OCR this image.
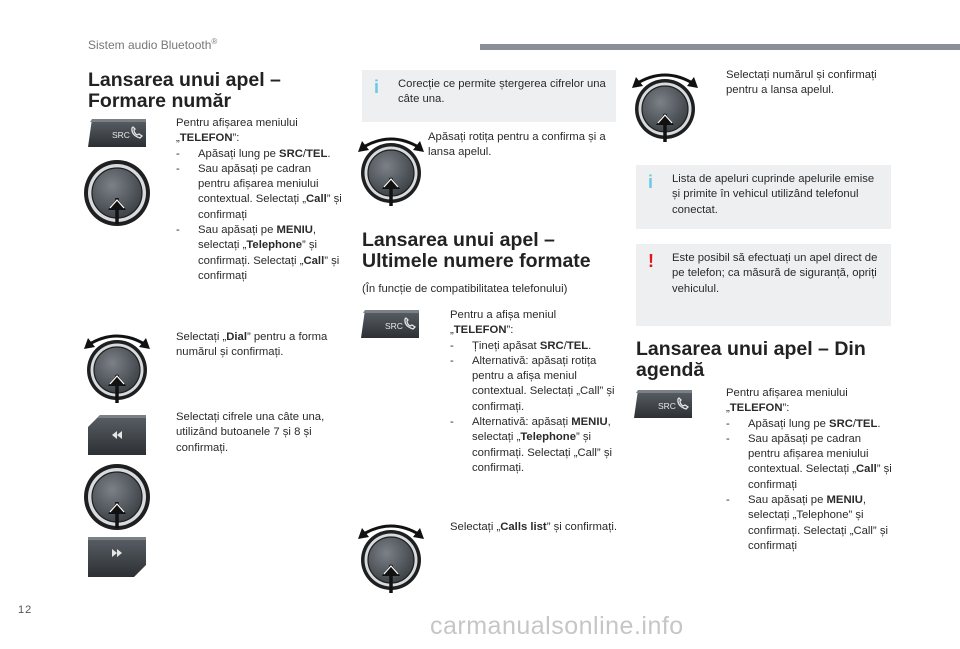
Sistem audio Bluetooth®
Lansarea unui apel –
Formare număr
SRC

Pentru afișarea meniului
„TELEFON”:

- Apăsați lung pe SRC/TEL.

- Sau apăsați pe cadran pentru afișarea meniului contextual. Selectați „Call” și confirmați

- Sau apăsați pe MENIU, selectați „Telephone” și confirmați. Selectați „Call” și confirmați

Selectați „Dial” pentru a forma numărul și confirmați.

Selectați cifrele una câte una, utilizând butoanele 7 și 8 și confirmați.

i Corecție ce permite ștergerea cifrelor una câte una.

Apăsați rotița pentru a confirma și a lansa apelul.

Lansarea unui apel –
Ultimele numere formate

(În funcție de compatibilitatea telefonului)

SRC

Pentru a afișa meniul
„TELEFON”:

- Țineți apăsat SRC/TEL.

- Alternativă: apăsați rotița pentru a afișa meniul contextual. Selectați „Call” și confirmați.

- Alternativă: apăsați MENIU, selectați „Telephone” și confirmați. Selectați „Call” și confirmați.

Selectați „Calls list” și confirmați.

Selectați numărul și confirmați pentru a lansa apelul.

i Lista de apeluri cuprinde apelurile emise și primite în vehicul utilizând telefonul conectat.
! Este posibil să efectuați un apel direct de pe telefon; ca măsură de siguranță, opriți vehiculul.
Lansarea unui apel – Din
agendă
SRC

Pentru afișarea meniului
„TELEFON”:

- Apăsați lung pe SRC/TEL.

- Sau apăsați pe cadran pentru afișarea meniului contextual. Selectați „Call” și confirmați

- Sau apăsați pe MENIU, selectați „Telephone” și confirmați. Selectați „Call” și confirmați

12
carmanualsonline.info
